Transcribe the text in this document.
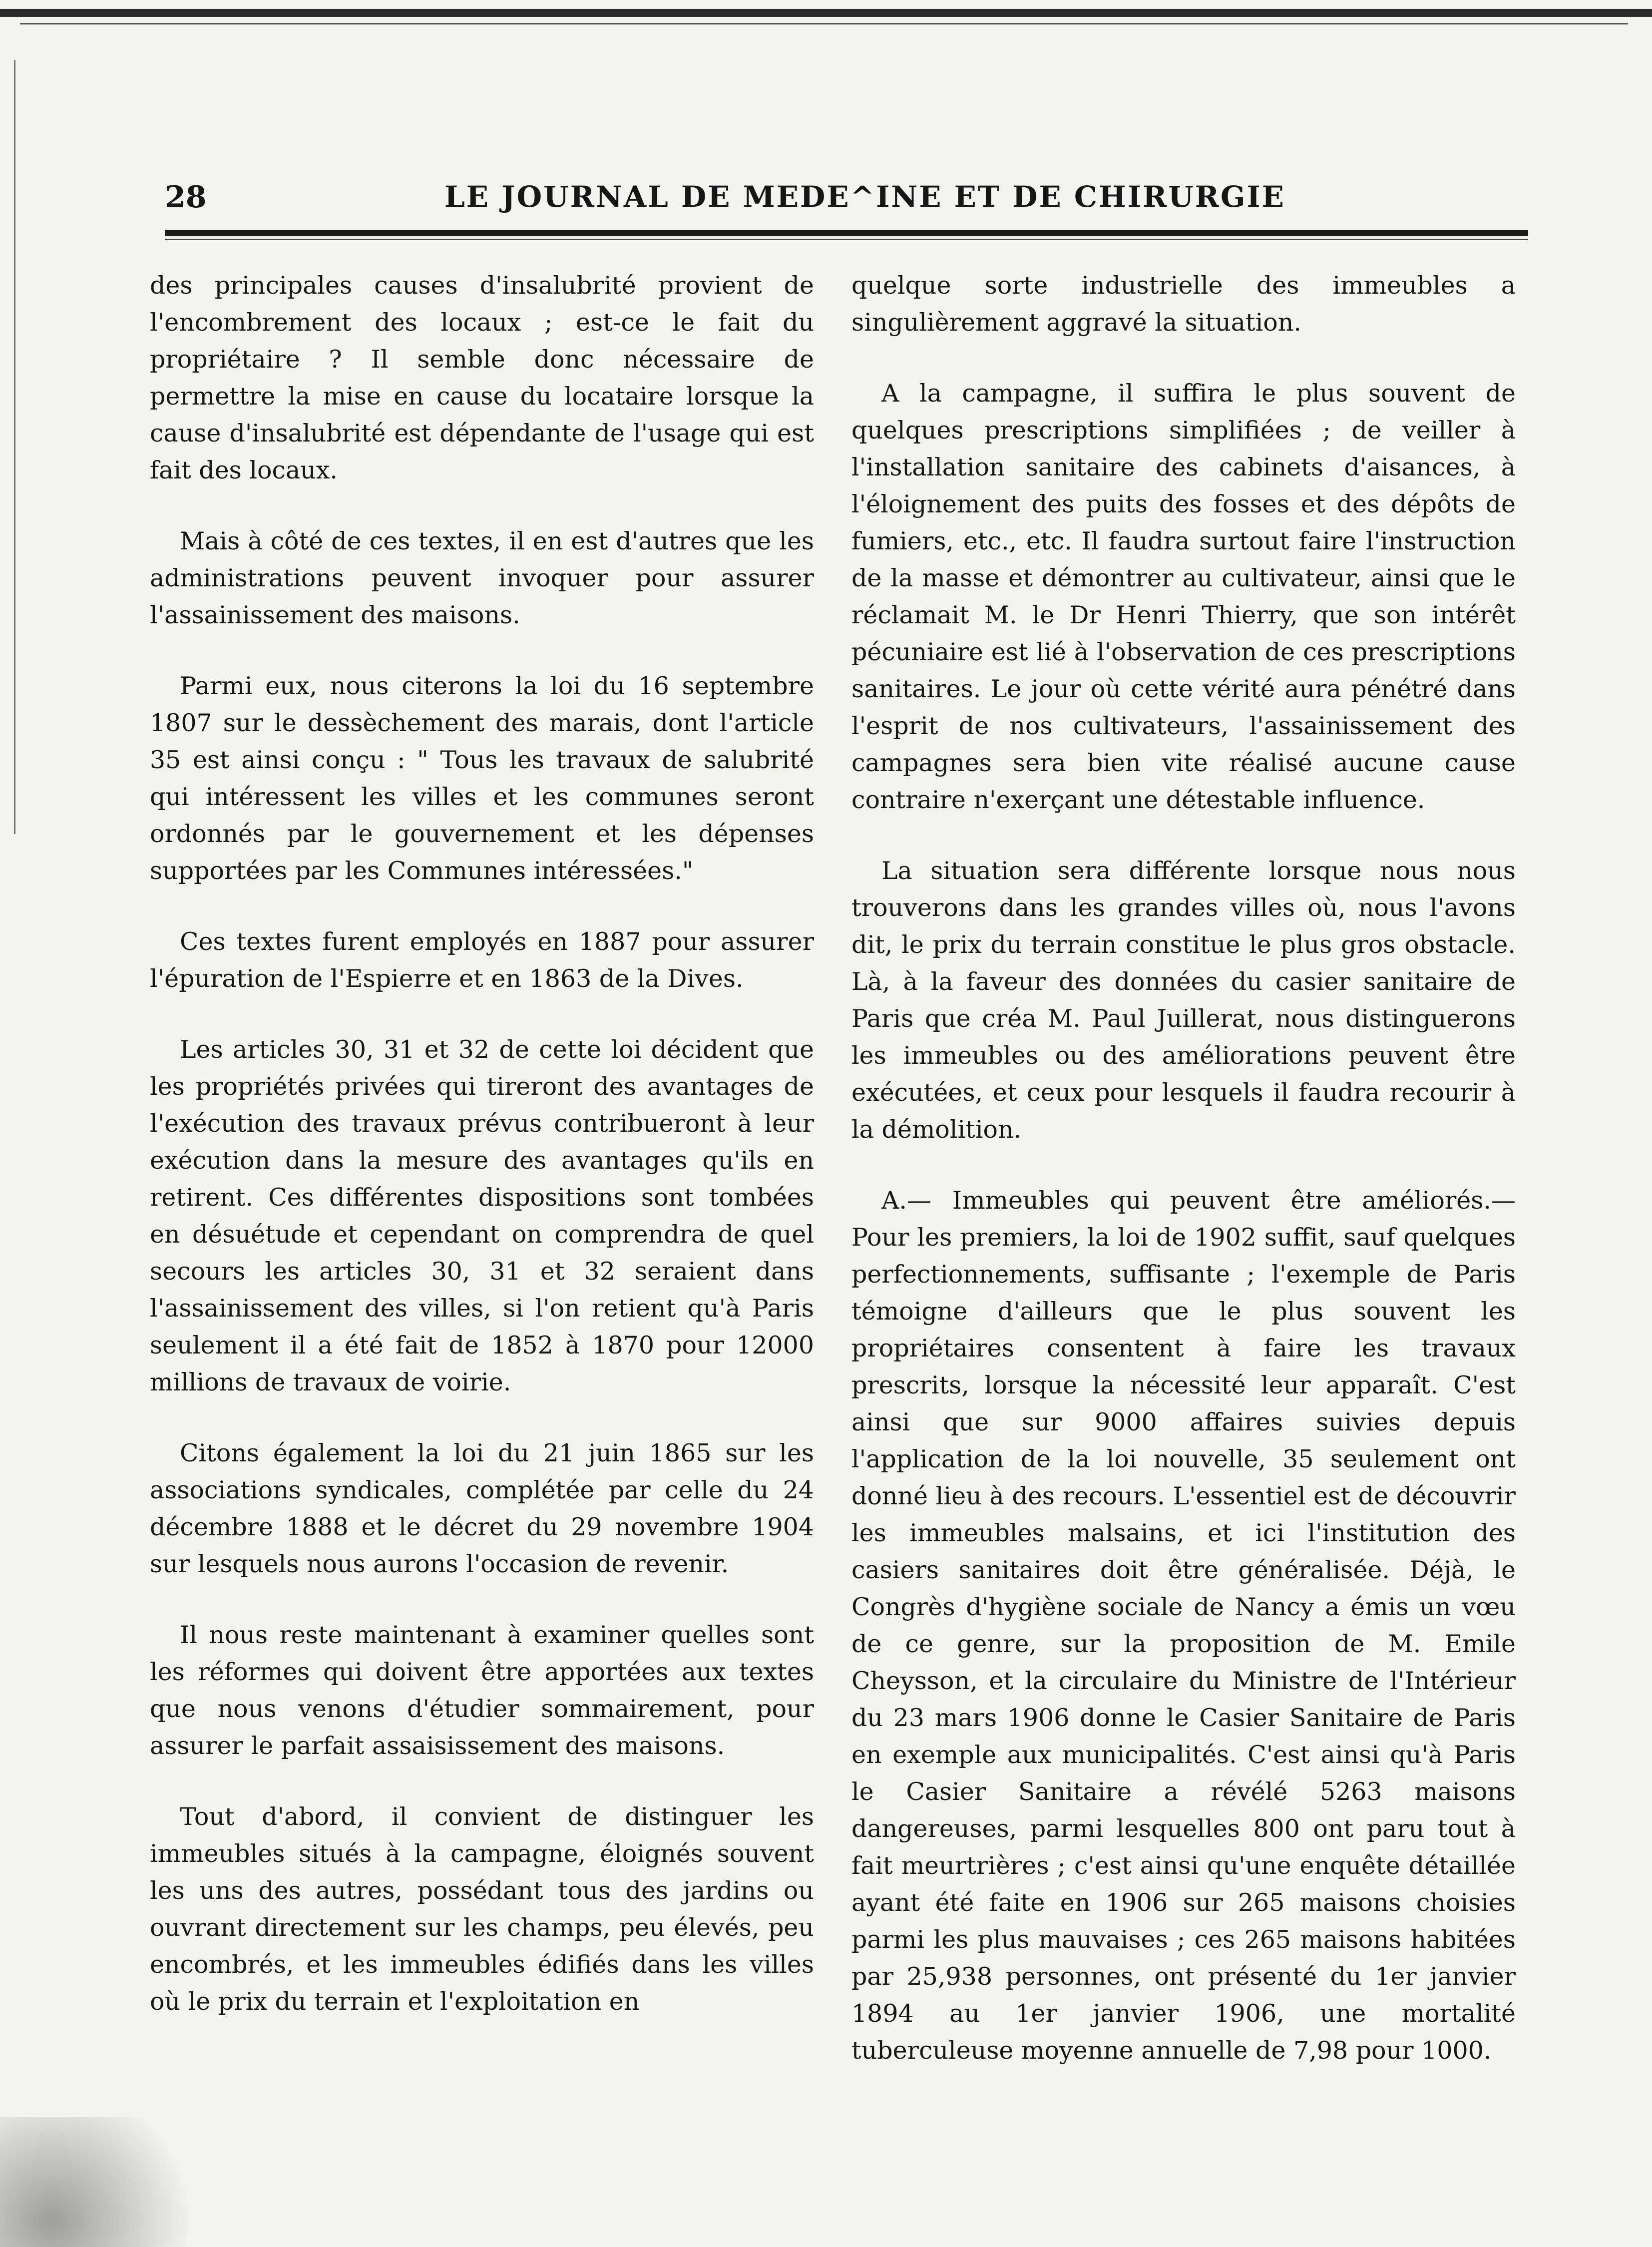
28	LE JOURNAL DE MEDE^INE ET DE CHIRURGIE

des principales causes d'insalubrité provient de l'encombrement des locaux ; est-ce le fait du propriétaire ? Il semble donc nécessaire de permettre la mise en cause du locataire lorsque la cause d'insalubrité est dépendante de l'usage qui est fait des locaux.

Mais à côté de ces textes, il en est d'autres que les administrations peuvent invoquer pour assurer l'assainissement des maisons.

Parmi eux, nous citerons la loi du 16 septembre 1807 sur le dessèchement des marais, dont l'article 35 est ainsi conçu : " Tous les travaux de salubrité qui intéressent les villes et les communes seront ordonnés par le gouvernement et les dépenses supportées par les Communes intéressées."

Ces textes furent employés en 1887 pour assurer l'épuration de l'Espierre et en 1863 de la Dives.

Les articles 30, 31 et 32 de cette loi décident que les propriétés privées qui tireront des avantages de l'exécution des travaux prévus contribueront à leur exécution dans la mesure des avantages qu'ils en retirent. Ces différentes dispositions sont tombées en désuétude et cependant on comprendra de quel secours les articles 30, 31 et 32 seraient dans l'assainissement des villes, si l'on retient qu'à Paris seulement il a été fait de 1852 à 1870 pour 12000 millions de travaux de voirie.

Citons également la loi du 21 juin 1865 sur les associations syndicales, complétée par celle du 24 décembre 1888 et le décret du 29 novembre 1904 sur lesquels nous aurons l'occasion de revenir.

Il nous reste maintenant à examiner quelles sont les réformes qui doivent être apportées aux textes que nous venons d'étudier sommairement, pour assurer le parfait assaisissement des maisons.

Tout d'abord, il convient de distinguer les immeubles situés à la campagne, éloignés souvent les uns des autres, possédant tous des jardins ou ouvrant directement sur les champs, peu élevés, peu encombrés, et les immeubles édifiés dans les villes où le prix du terrain et l'exploitation en

quelque sorte industrielle des immeubles a singulièrement aggravé la situation.

A la campagne, il suffira le plus souvent de quelques prescriptions simplifiées ; de veiller à l'installation sanitaire des cabinets d'aisances, à l'éloignement des puits des fosses et des dépôts de fumiers, etc., etc. Il faudra surtout faire l'instruction de la masse et démontrer au cultivateur, ainsi que le réclamait M. le Dr Henri Thierry, que son intérêt pécuniaire est lié à l'observation de ces prescriptions sanitaires. Le jour où cette vérité aura pénétré dans l'esprit de nos cultivateurs, l'assainissement des campagnes sera bien vite réalisé aucune cause contraire n'exerçant une détestable influence.

La situation sera différente lorsque nous nous trouverons dans les grandes villes où, nous l'avons dit, le prix du terrain constitue le plus gros obstacle. Là, à la faveur des données du casier sanitaire de Paris que créa M. Paul Juillerat, nous distinguerons les immeubles ou des améliorations peuvent être exécutées, et ceux pour lesquels il faudra recourir à la démolition.

A.— Immeubles qui peuvent être améliorés.— Pour les premiers, la loi de 1902 suffit, sauf quelques perfectionnements, suffisante ; l'exemple de Paris témoigne d'ailleurs que le plus souvent les propriétaires consentent à faire les travaux prescrits, lorsque la nécessité leur apparaît. C'est ainsi que sur 9000 affaires suivies depuis l'application de la loi nouvelle, 35 seulement ont donné lieu à des recours. L'essentiel est de découvrir les immeubles malsains, et ici l'institution des casiers sanitaires doit être généralisée. Déjà, le Congrès d'hygiène sociale de Nancy a émis un vœu de ce genre, sur la proposition de M. Emile Cheysson, et la circulaire du Ministre de l'Intérieur du 23 mars 1906 donne le Casier Sanitaire de Paris en exemple aux municipalités. C'est ainsi qu'à Paris le Casier Sanitaire a révélé 5263 maisons dangereuses, parmi lesquelles 800 ont paru tout à fait meurtrières ; c'est ainsi qu'une enquête détaillée ayant été faite en 1906 sur 265 maisons choisies parmi les plus mauvaises ; ces 265 maisons habitées par 25,938 personnes, ont présenté du 1er janvier 1894 au 1er janvier 1906, une mortalité tuberculeuse moyenne annuelle de 7,98 pour 1000.
